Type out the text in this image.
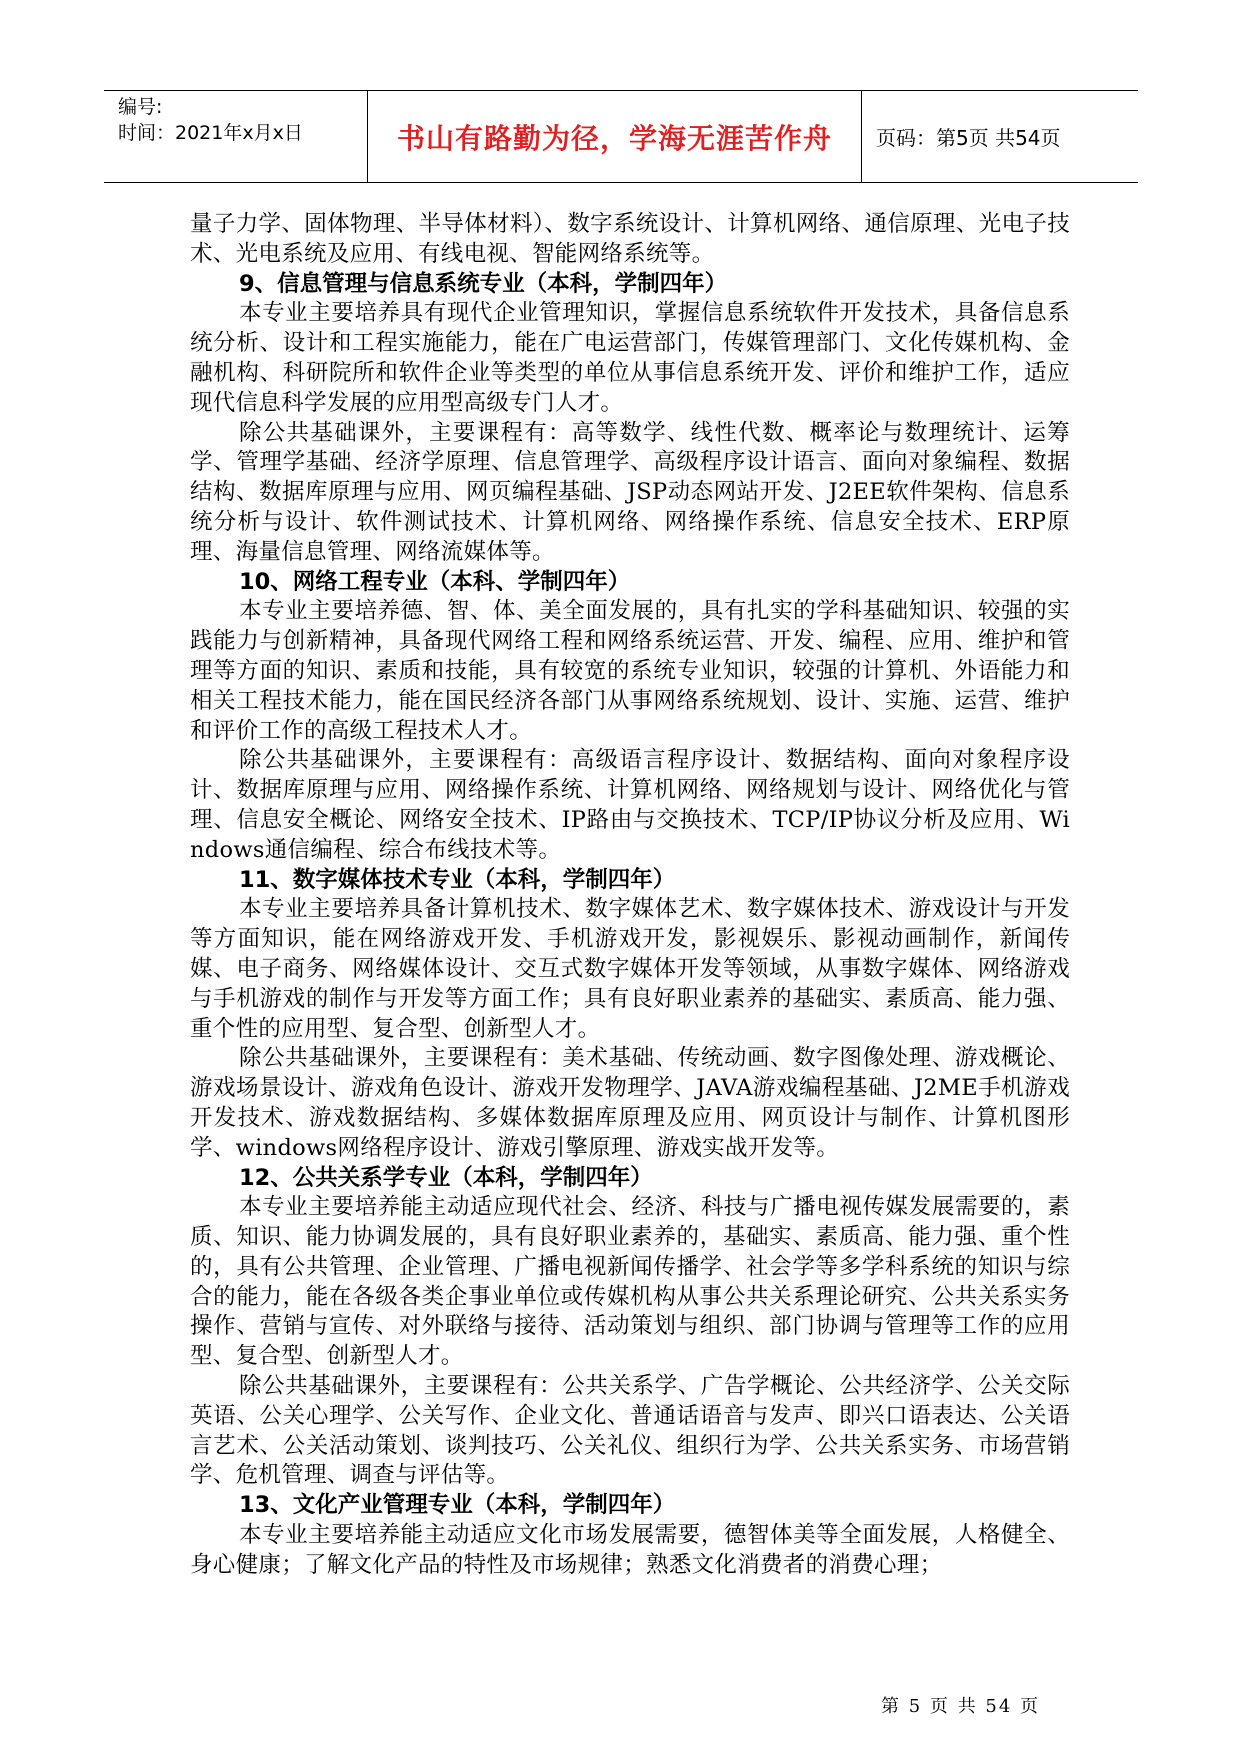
编号:
时间：2021年x月x日	书山有路勤为径，学海无涯苦作舟 页码：第5页 共54页

量子力学、固体物理、半导体材料）、数字系统设计、计算机网络、通信原理、光电子技术、光电系统及应用、有线电视、智能网络系统等。

9、信息管理与信息系统专业（本科，学制四年）

本专业主要培养具有现代企业管理知识，掌握信息系统软件开发技术，具备信息系统分析、设计和工程实施能力，能在广电运营部门，传媒管理部门、文化传媒机构、金融机构、科研院所和软件企业等类型的单位从事信息系统开发、评价和维护工作，适应现代信息科学发展的应用型高级专门人才。

除公共基础课外，主要课程有：高等数学、线性代数、概率论与数理统计、运筹学、管理学基础、经济学原理、信息管理学、高级程序设计语言、面向对象编程、数据结构、数据库原理与应用、网页编程基础、JSP动态网站开发、J2EE软件架构、信息系统分析与设计、软件测试技术、计算机网络、网络操作系统、信息安全技术、ERP原理、海量信息管理、网络流媒体等。

10、网络工程专业（本科、学制四年）

本专业主要培养德、智、体、美全面发展的，具有扎实的学科基础知识、较强的实践能力与创新精神，具备现代网络工程和网络系统运营、开发、编程、应用、维护和管理等方面的知识、素质和技能，具有较宽的系统专业知识，较强的计算机、外语能力和相关工程技术能力，能在国民经济各部门从事网络系统规划、设计、实施、运营、维护和评价工作的高级工程技术人才。

除公共基础课外，主要课程有：高级语言程序设计、数据结构、面向对象程序设计、数据库原理与应用、网络操作系统、计算机网络、网络规划与设计、网络优化与管理、信息安全概论、网络安全技术、IP路由与交换技术、TCP/IP协议分析及应用、Windows通信编程、综合布线技术等。

11、数字媒体技术专业（本科，学制四年）

本专业主要培养具备计算机技术、数字媒体艺术、数字媒体技术、游戏设计与开发等方面知识，能在网络游戏开发、手机游戏开发，影视娱乐、影视动画制作，新闻传媒、电子商务、网络媒体设计、交互式数字媒体开发等领域，从事数字媒体、网络游戏与手机游戏的制作与开发等方面工作；具有良好职业素养的基础实、素质高、能力强、重个性的应用型、复合型、创新型人才。

除公共基础课外，主要课程有：美术基础、传统动画、数字图像处理、游戏概论、游戏场景设计、游戏角色设计、游戏开发物理学、JAVA游戏编程基础、J2ME手机游戏开发技术、游戏数据结构、多媒体数据库原理及应用、网页设计与制作、计算机图形学、windows网络程序设计、游戏引擎原理、游戏实战开发等。

12、公共关系学专业（本科，学制四年）

本专业主要培养能主动适应现代社会、经济、科技与广播电视传媒发展需要的，素质、知识、能力协调发展的，具有良好职业素养的，基础实、素质高、能力强、重个性的，具有公共管理、企业管理、广播电视新闻传播学、社会学等多学科系统的知识与综合的能力，能在各级各类企事业单位或传媒机构从事公共关系理论研究、公共关系实务操作、营销与宣传、对外联络与接待、活动策划与组织、部门协调与管理等工作的应用型、复合型、创新型人才。

除公共基础课外，主要课程有：公共关系学、广告学概论、公共经济学、公关交际英语、公关心理学、公关写作、企业文化、普通话语音与发声、即兴口语表达、公关语言艺术、公关活动策划、谈判技巧、公关礼仪、组织行为学、公共关系实务、市场营销学、危机管理、调查与评估等。

13、文化产业管理专业（本科，学制四年）

本专业主要培养能主动适应文化市场发展需要，德智体美等全面发展，人格健全、身心健康；了解文化产品的特性及市场规律；熟悉文化消费者的消费心理；

第 5 页 共 54 页
